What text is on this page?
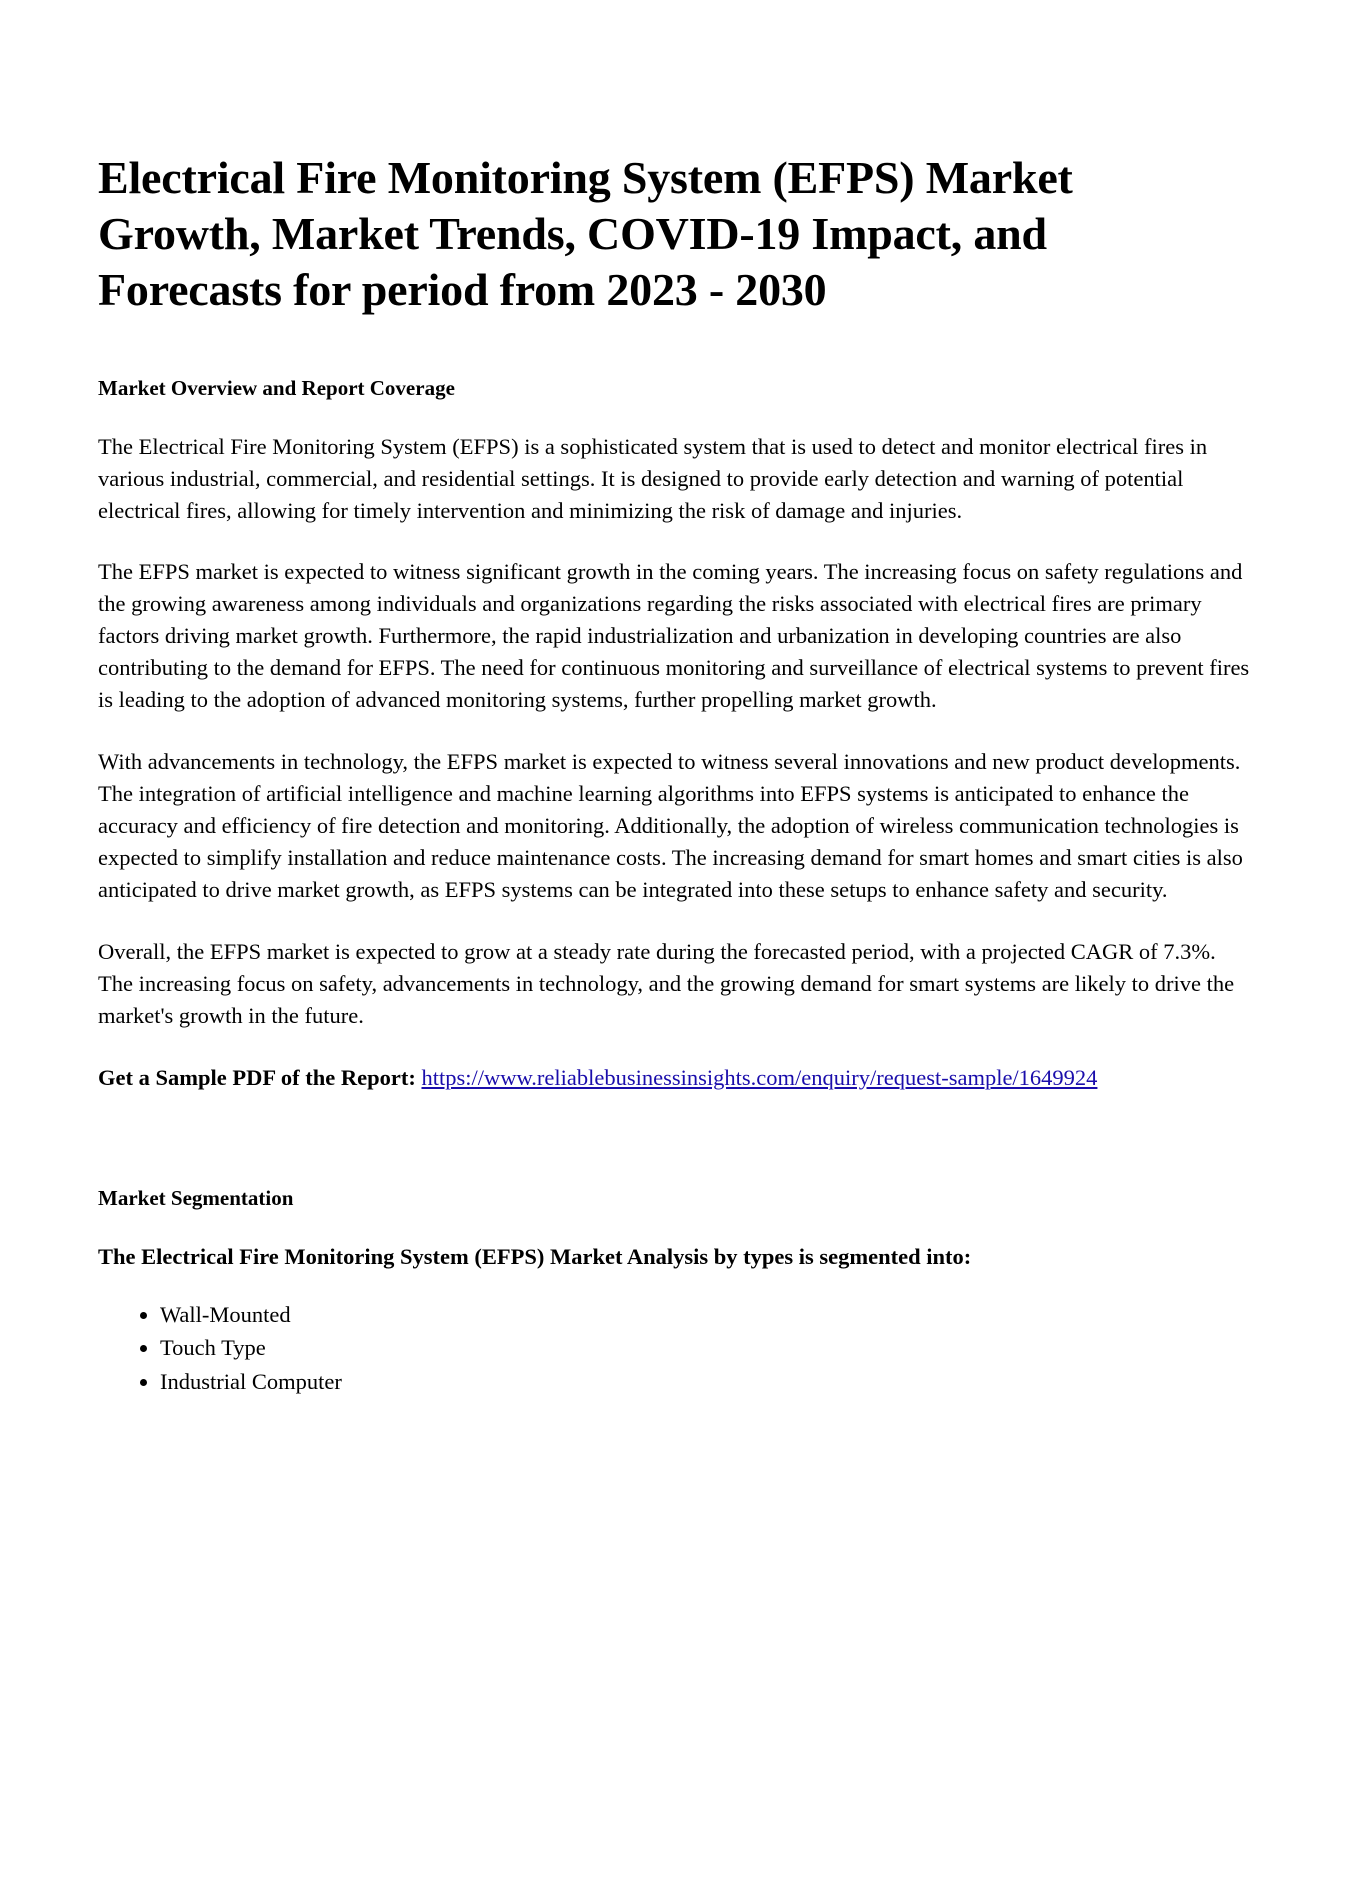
Electrical Fire Monitoring System (EFPS) Market Growth, Market Trends, COVID-19 Impact, and Forecasts for period from 2023 - 2030
Market Overview and Report Coverage

The Electrical Fire Monitoring System (EFPS) is a sophisticated system that is used to detect and monitor electrical fires in various industrial, commercial, and residential settings. It is designed to provide early detection and warning of potential electrical fires, allowing for timely intervention and minimizing the risk of damage and injuries.

The EFPS market is expected to witness significant growth in the coming years. The increasing focus on safety regulations and the growing awareness among individuals and organizations regarding the risks associated with electrical fires are primary factors driving market growth. Furthermore, the rapid industrialization and urbanization in developing countries are also contributing to the demand for EFPS. The need for continuous monitoring and surveillance of electrical systems to prevent fires is leading to the adoption of advanced monitoring systems, further propelling market growth.

With advancements in technology, the EFPS market is expected to witness several innovations and new product developments. The integration of artificial intelligence and machine learning algorithms into EFPS systems is anticipated to enhance the accuracy and efficiency of fire detection and monitoring. Additionally, the adoption of wireless communication technologies is expected to simplify installation and reduce maintenance costs. The increasing demand for smart homes and smart cities is also anticipated to drive market growth, as EFPS systems can be integrated into these setups to enhance safety and security.

Overall, the EFPS market is expected to grow at a steady rate during the forecasted period, with a projected CAGR of 7.3%. The increasing focus on safety, advancements in technology, and the growing demand for smart systems are likely to drive the market's growth in the future.

Get a Sample PDF of the Report: https://www.reliablebusinessinsights.com/enquiry/request-sample/1649924
Market Segmentation

The Electrical Fire Monitoring System (EFPS) Market Analysis by types is segmented into:

• Wall-Mounted
• Touch Type
• Industrial Computer
